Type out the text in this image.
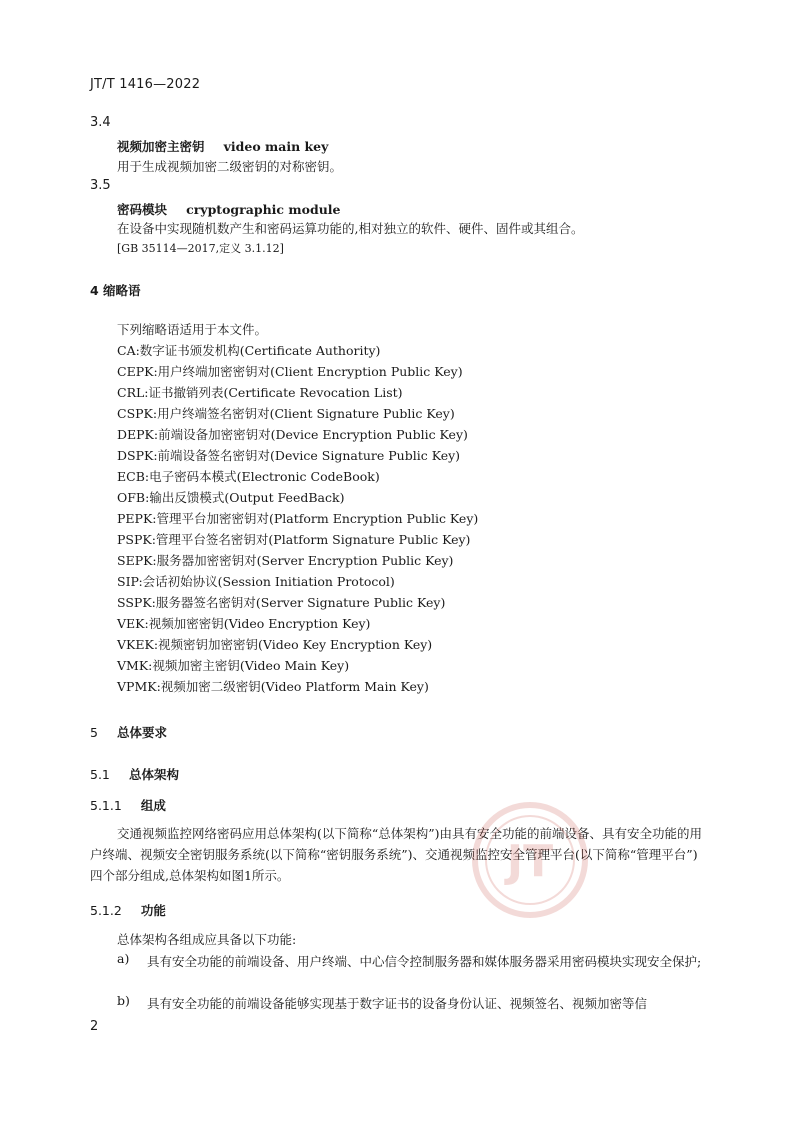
JT/T 1416—2022
3.4
视频加密主密钥 video main key
用于生成视频加密二级密钥的对称密钥。
3.5
密码模块 cryptographic module
在设备中实现随机数产生和密码运算功能的,相对独立的软件、硬件、固件或其组合。
[GB 35114—2017,定义 3.1.12]
4 缩略语
下列缩略语适用于本文件。
CA:数字证书颁发机构(Certificate Authority)
CEPK:用户终端加密密钥对(Client Encryption Public Key)
CRL:证书撤销列表(Certificate Revocation List)
CSPK:用户终端签名密钥对(Client Signature Public Key)
DEPK:前端设备加密密钥对(Device Encryption Public Key)
DSPK:前端设备签名密钥对(Device Signature Public Key)
ECB:电子密码本模式(Electronic CodeBook)
OFB:输出反馈模式(Output FeedBack)
PEPK:管理平台加密密钥对(Platform Encryption Public Key)
PSPK:管理平台签名密钥对(Platform Signature Public Key)
SEPK:服务器加密密钥对(Server Encryption Public Key)
SIP:会话初始协议(Session Initiation Protocol)
SSPK:服务器签名密钥对(Server Signature Public Key)
VEK:视频加密密钥(Video Encryption Key)
VKEK:视频密钥加密密钥(Video Key Encryption Key)
VMK:视频加密主密钥(Video Main Key)
VPMK:视频加密二级密钥(Video Platform Main Key)
5 总体要求
5.1 总体架构
5.1.1 组成
交通视频监控网络密码应用总体架构(以下简称“总体架构”)由具有安全功能的前端设备、具有安全功能的用户终端、视频安全密钥服务系统(以下简称“密钥服务系统”)、交通视频监控安全管理平台(以下简称“管理平台”)四个部分组成,总体架构如图1所示。	JT
5.1.2 功能
总体架构各组成应具备以下功能:
a) 具有安全功能的前端设备、用户终端、中心信令控制服务器和媒体服务器采用密码模块实现安全保护;
b) 具有安全功能的前端设备能够实现基于数字证书的设备身份认证、视频签名、视频加密等信
2
